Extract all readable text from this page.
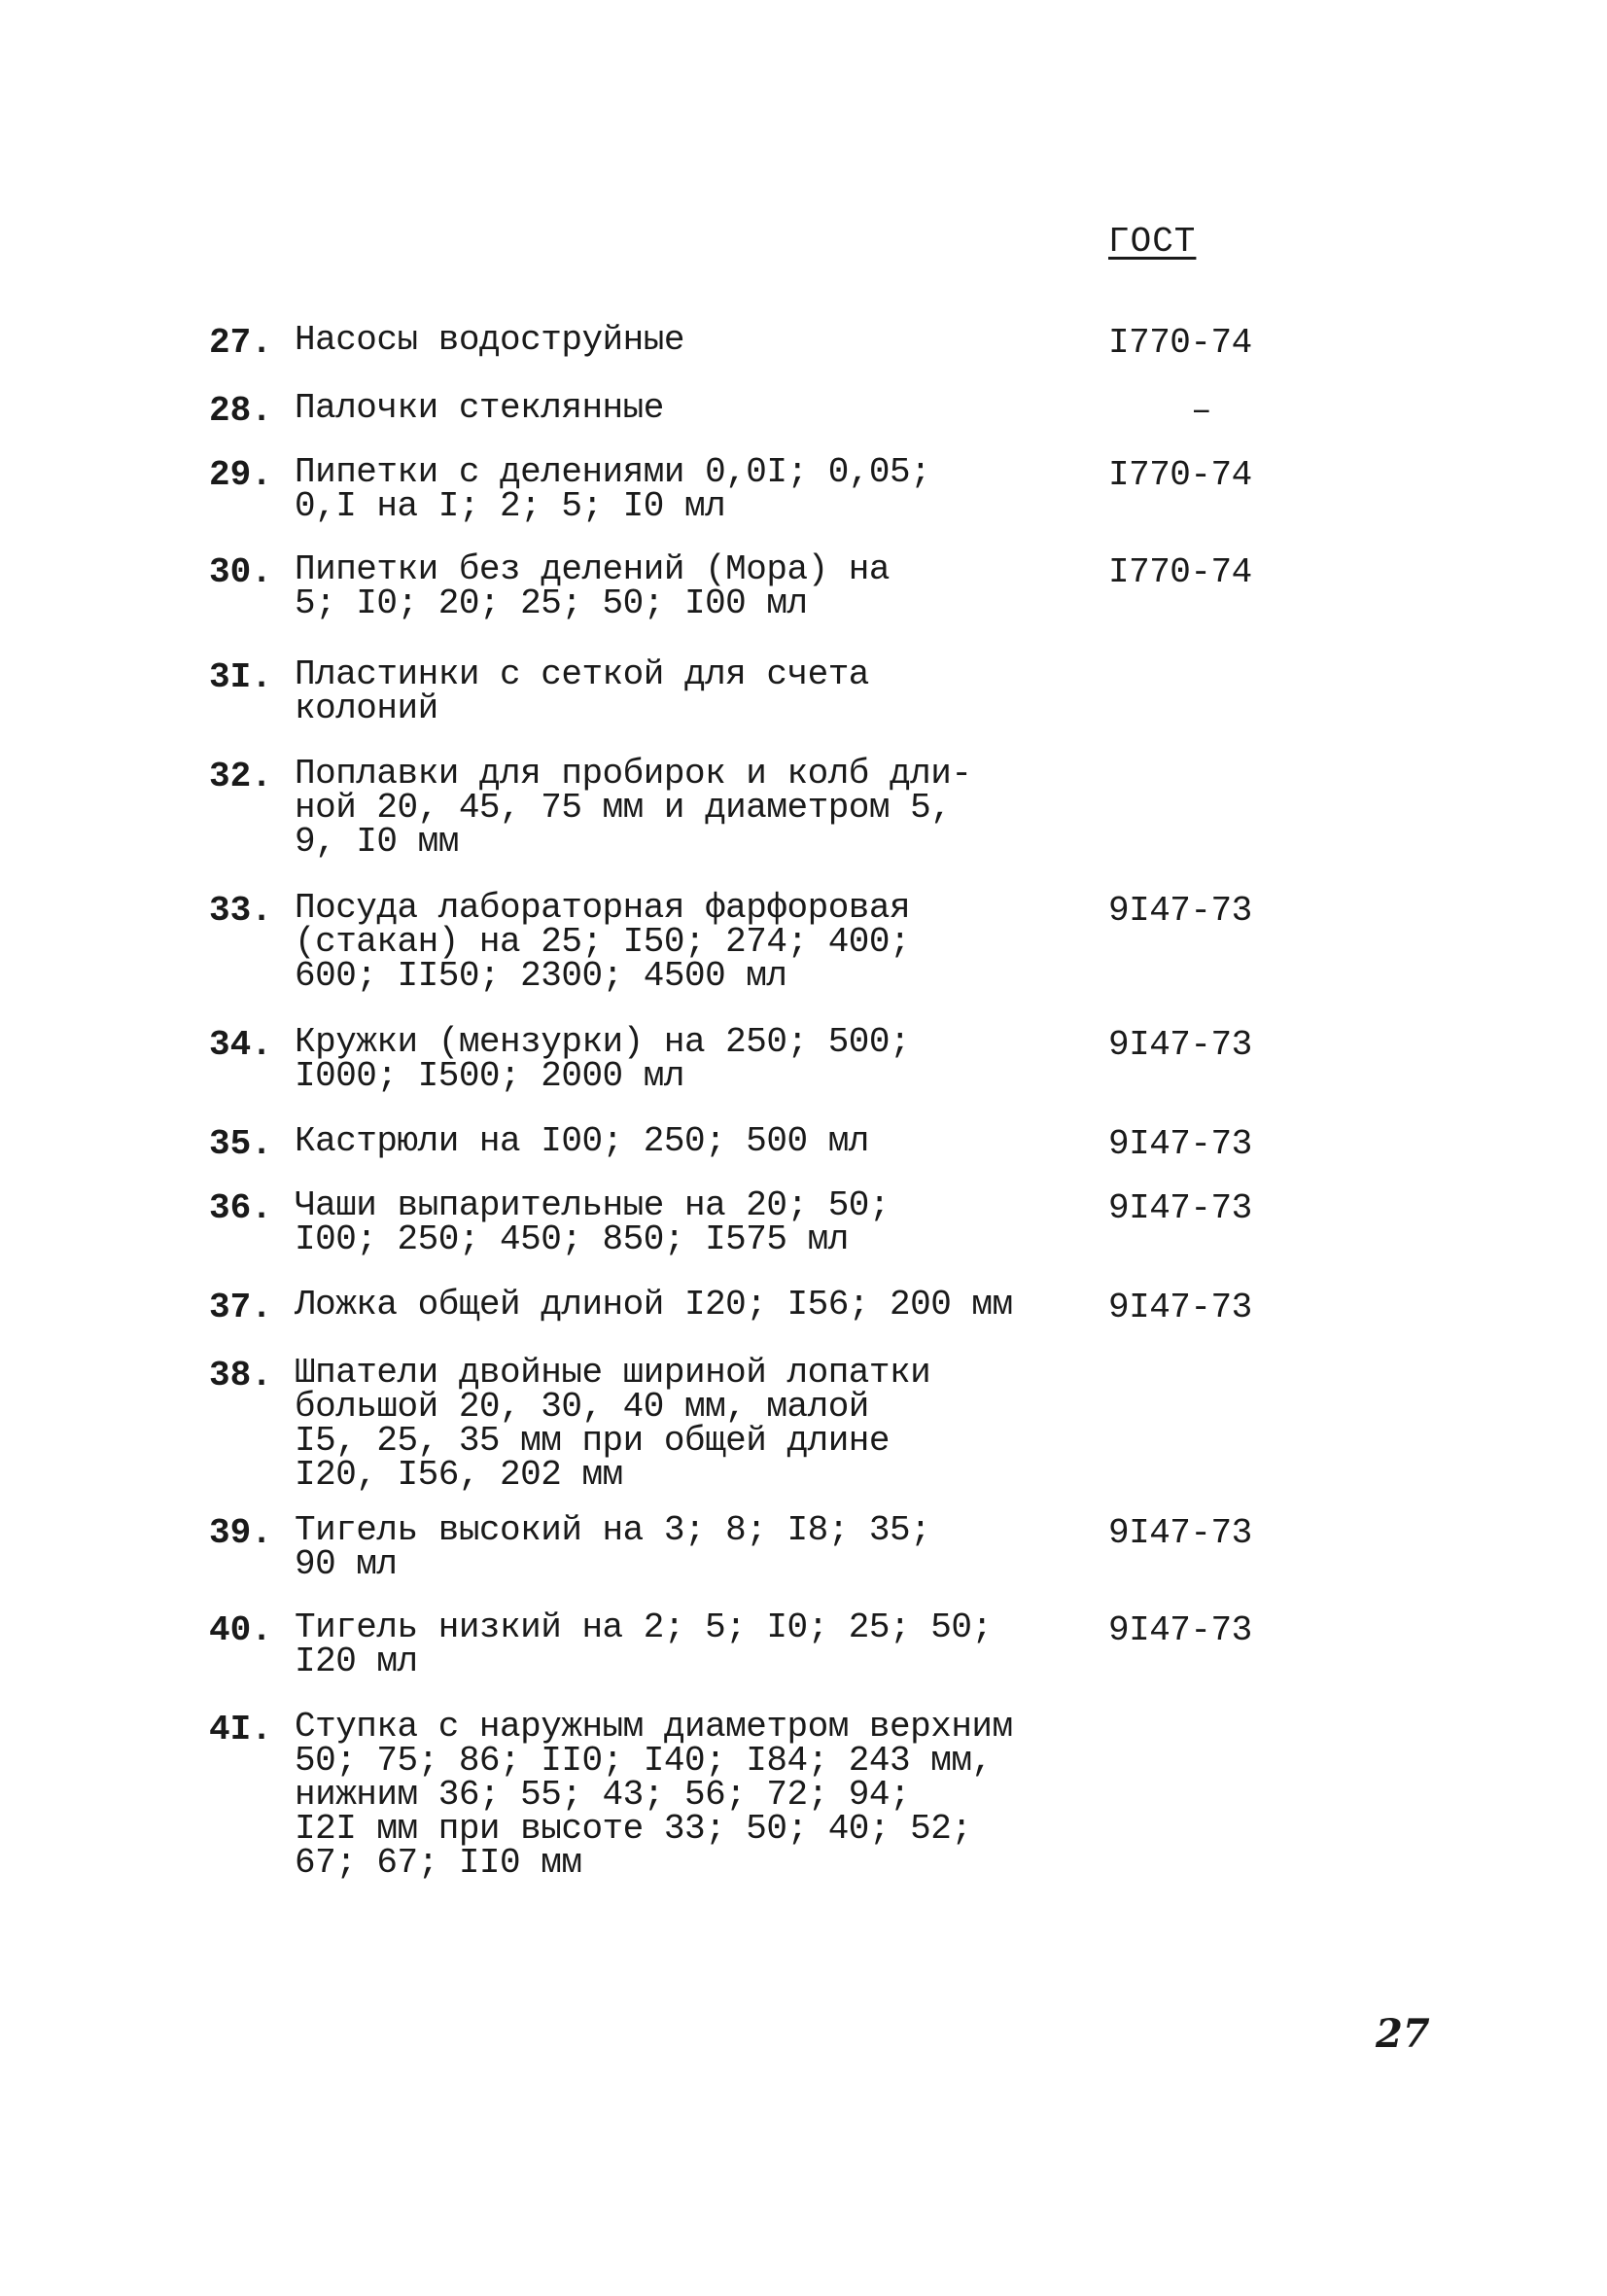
ГОСТ
27. Насосы водоструйные	I770-74
28. Палочки стеклянные	–
29. Пипетки с делениями 0,0I; 0,05;
0,I на I; 2; 5; I0 мл
I770-74
30. Пипетки без делений (Мора) на
5; I0; 20; 25; 50; I00 мл
I770-74
3I. Пластинки с сеткой для счета
колоний
32. Поплавки для пробирок и колб дли-
ной 20, 45, 75 мм и диаметром 5,
9, I0 мм
33. Посуда лабораторная фарфоровая
(стакан) на 25; I50; 274; 400;
600; II50; 2300; 4500 мл
9I47-73
34. Кружки (мензурки) на 250; 500;
I000; I500; 2000 мл
9I47-73
35. Кастрюли на I00; 250; 500 мл	9I47-73
36. Чаши выпарительные на 20; 50;
I00; 250; 450; 850; I575 мл
9I47-73
37. Ложка общей длиной I20; I56; 200 мм	9I47-73
38. Шпатели двойные шириной лопатки
большой 20, 30, 40 мм, малой
I5, 25, 35 мм при общей длине
I20, I56, 202 мм
39. Тигель высокий на 3; 8; I8; 35;
90 мл
9I47-73
40. Тигель низкий на 2; 5; I0; 25; 50;
I20 мл
9I47-73
4I. Ступка с наружным диаметром верхним
50; 75; 86; II0; I40; I84; 243 мм,
нижним 36; 55; 43; 56; 72; 94;
I2I мм при высоте 33; 50; 40; 52;
67; 67; II0 мм
27
